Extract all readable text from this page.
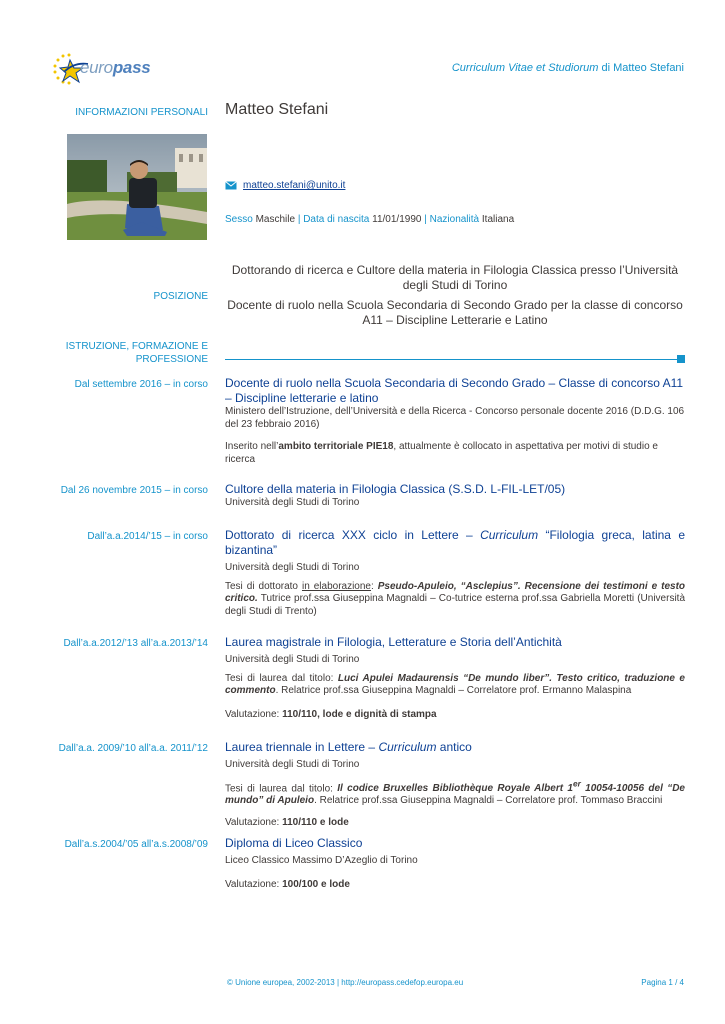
europass	Curriculum Vitae et Studiorum di Matteo Stefani
INFORMAZIONI PERSONALI Matteo Stefani
matteo.stefani@unito.it
Sesso Maschile | Data di nascita 11/01/1990 | Nazionalità Italiana
POSIZIONE
Dottorando di ricerca e Cultore della materia in Filologia Classica presso l’Università degli Studi di Torino
Docente di ruolo nella Scuola Secondaria di Secondo Grado per la classe di concorso A11 – Discipline Letterarie e Latino
ISTRUZIONE, FORMAZIONE E PROFESSIONE
Dal settembre 2016 – in corso Docente di ruolo nella Scuola Secondaria di Secondo Grado – Classe di concorso A11 – Discipline letterarie e latino
Ministero dell’Istruzione, dell’Università e della Ricerca - Concorso personale docente 2016 (D.D.G. 106 del 23 febbraio 2016)
Inserito nell’ambito territoriale PIE18, attualmente è collocato in aspettativa per motivi di studio e ricerca
Dal 26 novembre 2015 – in corso Cultore della materia in Filologia Classica (S.S.D. L-FIL-LET/05)
Università degli Studi di Torino
Dall’a.a.2014/’15 – in corso Dottorato di ricerca XXX ciclo in Lettere – Curriculum “Filologia greca, latina e bizantina”
Università degli Studi di Torino
Tesi di dottorato in elaborazione: Pseudo-Apuleio, “Asclepius”. Recensione dei testimoni e testo critico. Tutrice prof.ssa Giuseppina Magnaldi – Co-tutrice esterna prof.ssa Gabriella Moretti (Università degli Studi di Trento)
Dall’a.a.2012/’13 all’a.a.2013/’14 Laurea magistrale in Filologia, Letterature e Storia dell’Antichità
Università degli Studi di Torino
Tesi di laurea dal titolo: Luci Apulei Madaurensis “De mundo liber”. Testo critico, traduzione e commento. Relatrice prof.ssa Giuseppina Magnaldi – Correlatore prof. Ermanno Malaspina
Valutazione: 110/110, lode e dignità di stampa
Dall’a.a. 2009/’10 all’a.a. 2011/’12 Laurea triennale in Lettere – Curriculum antico
Università degli Studi di Torino
Tesi di laurea dal titolo: Il codice Bruxelles Bibliothèque Royale Albert 1er 10054-10056 del “De mundo” di Apuleio. Relatrice prof.ssa Giuseppina Magnaldi – Correlatore prof. Tommaso Braccini
Valutazione: 110/110 e lode
Dall’a.s.2004/’05 all’a.s.2008/’09 Diploma di Liceo Classico
Liceo Classico Massimo D’Azeglio di Torino
Valutazione: 100/100 e lode
© Unione europea, 2002-2013 | http://europass.cedefop.europa.eu	Pagina 1 / 4
